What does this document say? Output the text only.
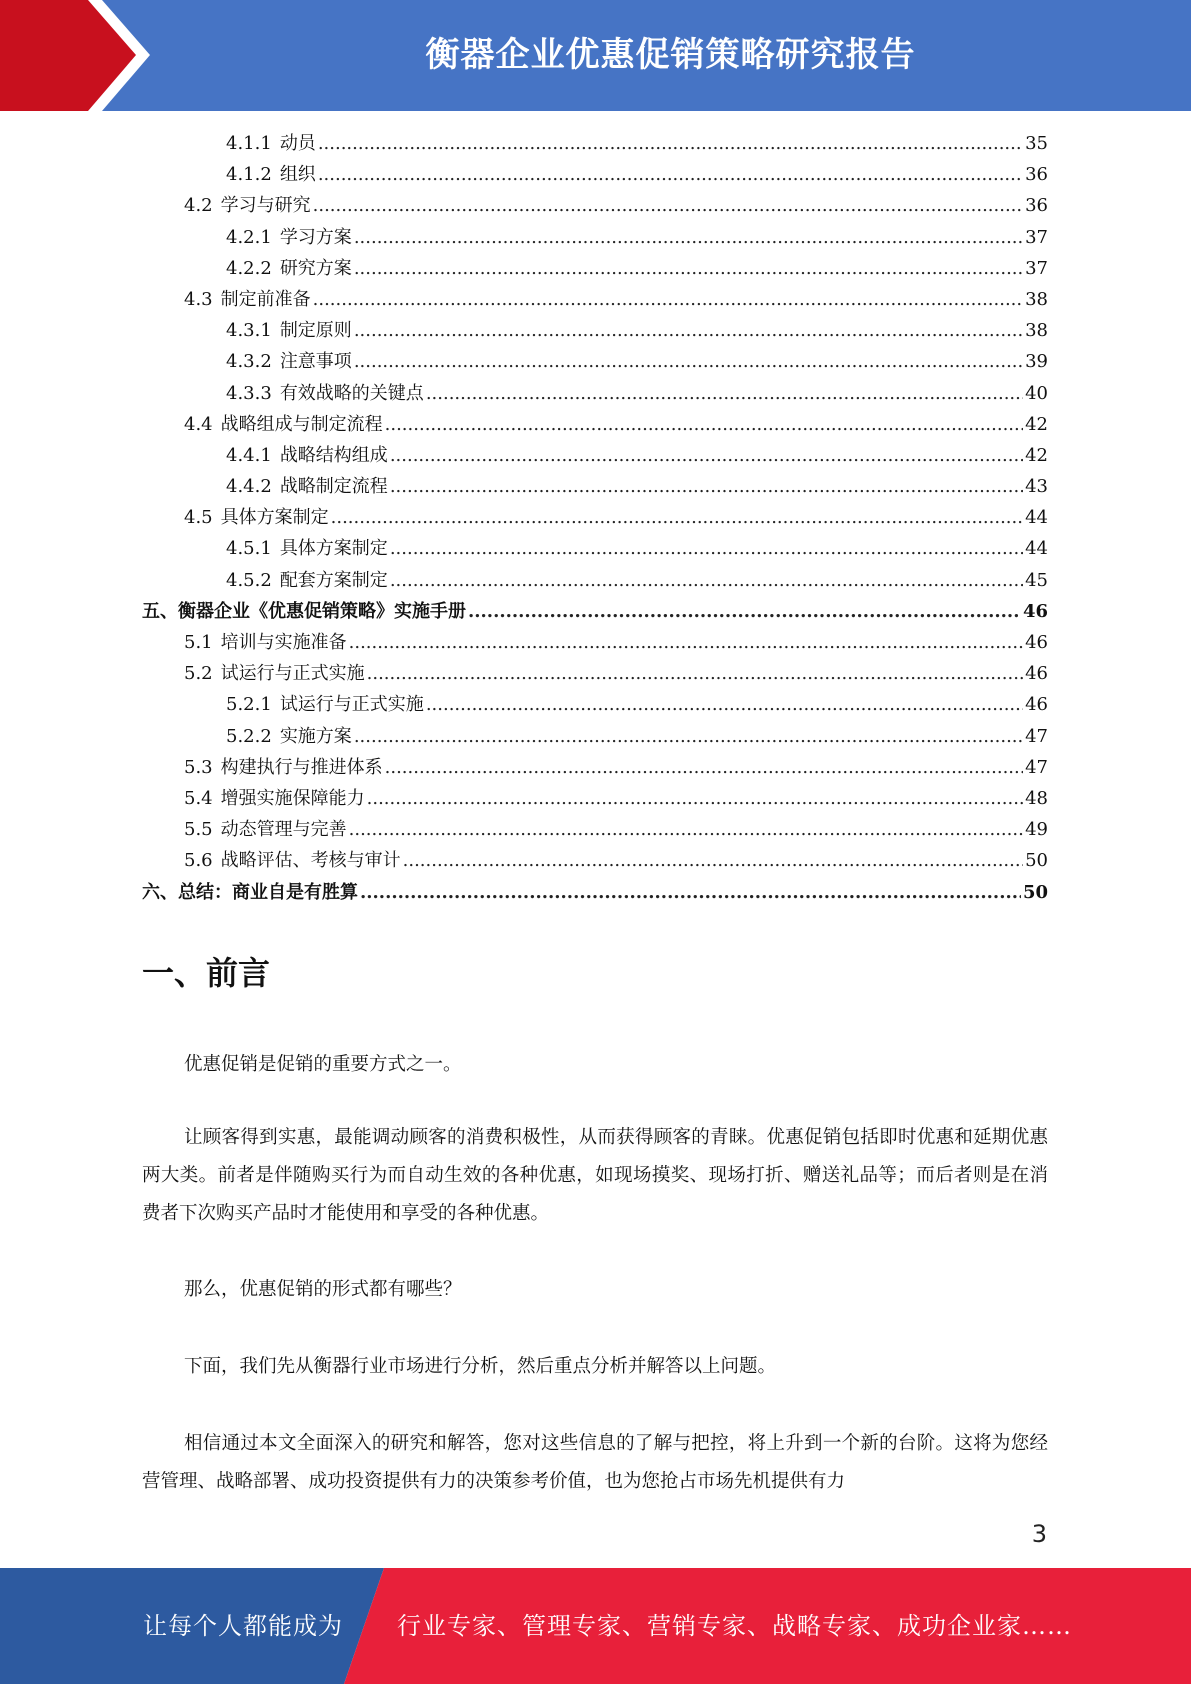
衡器企业优惠促销策略研究报告
4.1.1 动员 .....	35
4.1.2 组织 .....	36
4.2 学习与研究 .....	36
4.2.1 学习方案 .....	37
4.2.2 研究方案 .....	37
4.3 制定前准备 .....	38
4.3.1 制定原则 .....	38
4.3.2 注意事项 .....	39
4.3.3 有效战略的关键点 .....	40
4.4 战略组成与制定流程 .....	42
4.4.1 战略结构组成 .....	42
4.4.2 战略制定流程 .....	43
4.5 具体方案制定 .....	44
4.5.1 具体方案制定 .....	44
4.5.2 配套方案制定 .....	45
五、衡器企业《优惠促销策略》实施手册 .....	46
5.1 培训与实施准备 .....	46
5.2 试运行与正式实施 .....	46
5.2.1 试运行与正式实施 .....	46
5.2.2 实施方案 .....	47
5.3 构建执行与推进体系 .....	47
5.4 增强实施保障能力 .....	48
5.5 动态管理与完善 .....	49
5.6 战略评估、考核与审计 .....	50
六、总结：商业自是有胜算 .....	50
一、前言
优惠促销是促销的重要方式之一。
让顾客得到实惠，最能调动顾客的消费积极性，从而获得顾客的青睐。优惠促销包括即时优惠和延期优惠两大类。前者是伴随购买行为而自动生效的各种优惠，如现场摸奖、现场打折、赠送礼品等；而后者则是在消费者下次购买产品时才能使用和享受的各种优惠。
那么，优惠促销的形式都有哪些？
下面，我们先从衡器行业市场进行分析，然后重点分析并解答以上问题。
相信通过本文全面深入的研究和解答，您对这些信息的了解与把控，将上升到一个新的台阶。这将为您经营管理、战略部署、成功投资提供有力的决策参考价值，也为您抢占市场先机提供有力
3
让每个人都能成为 行业专家、管理专家、营销专家、战略专家、成功企业家……
